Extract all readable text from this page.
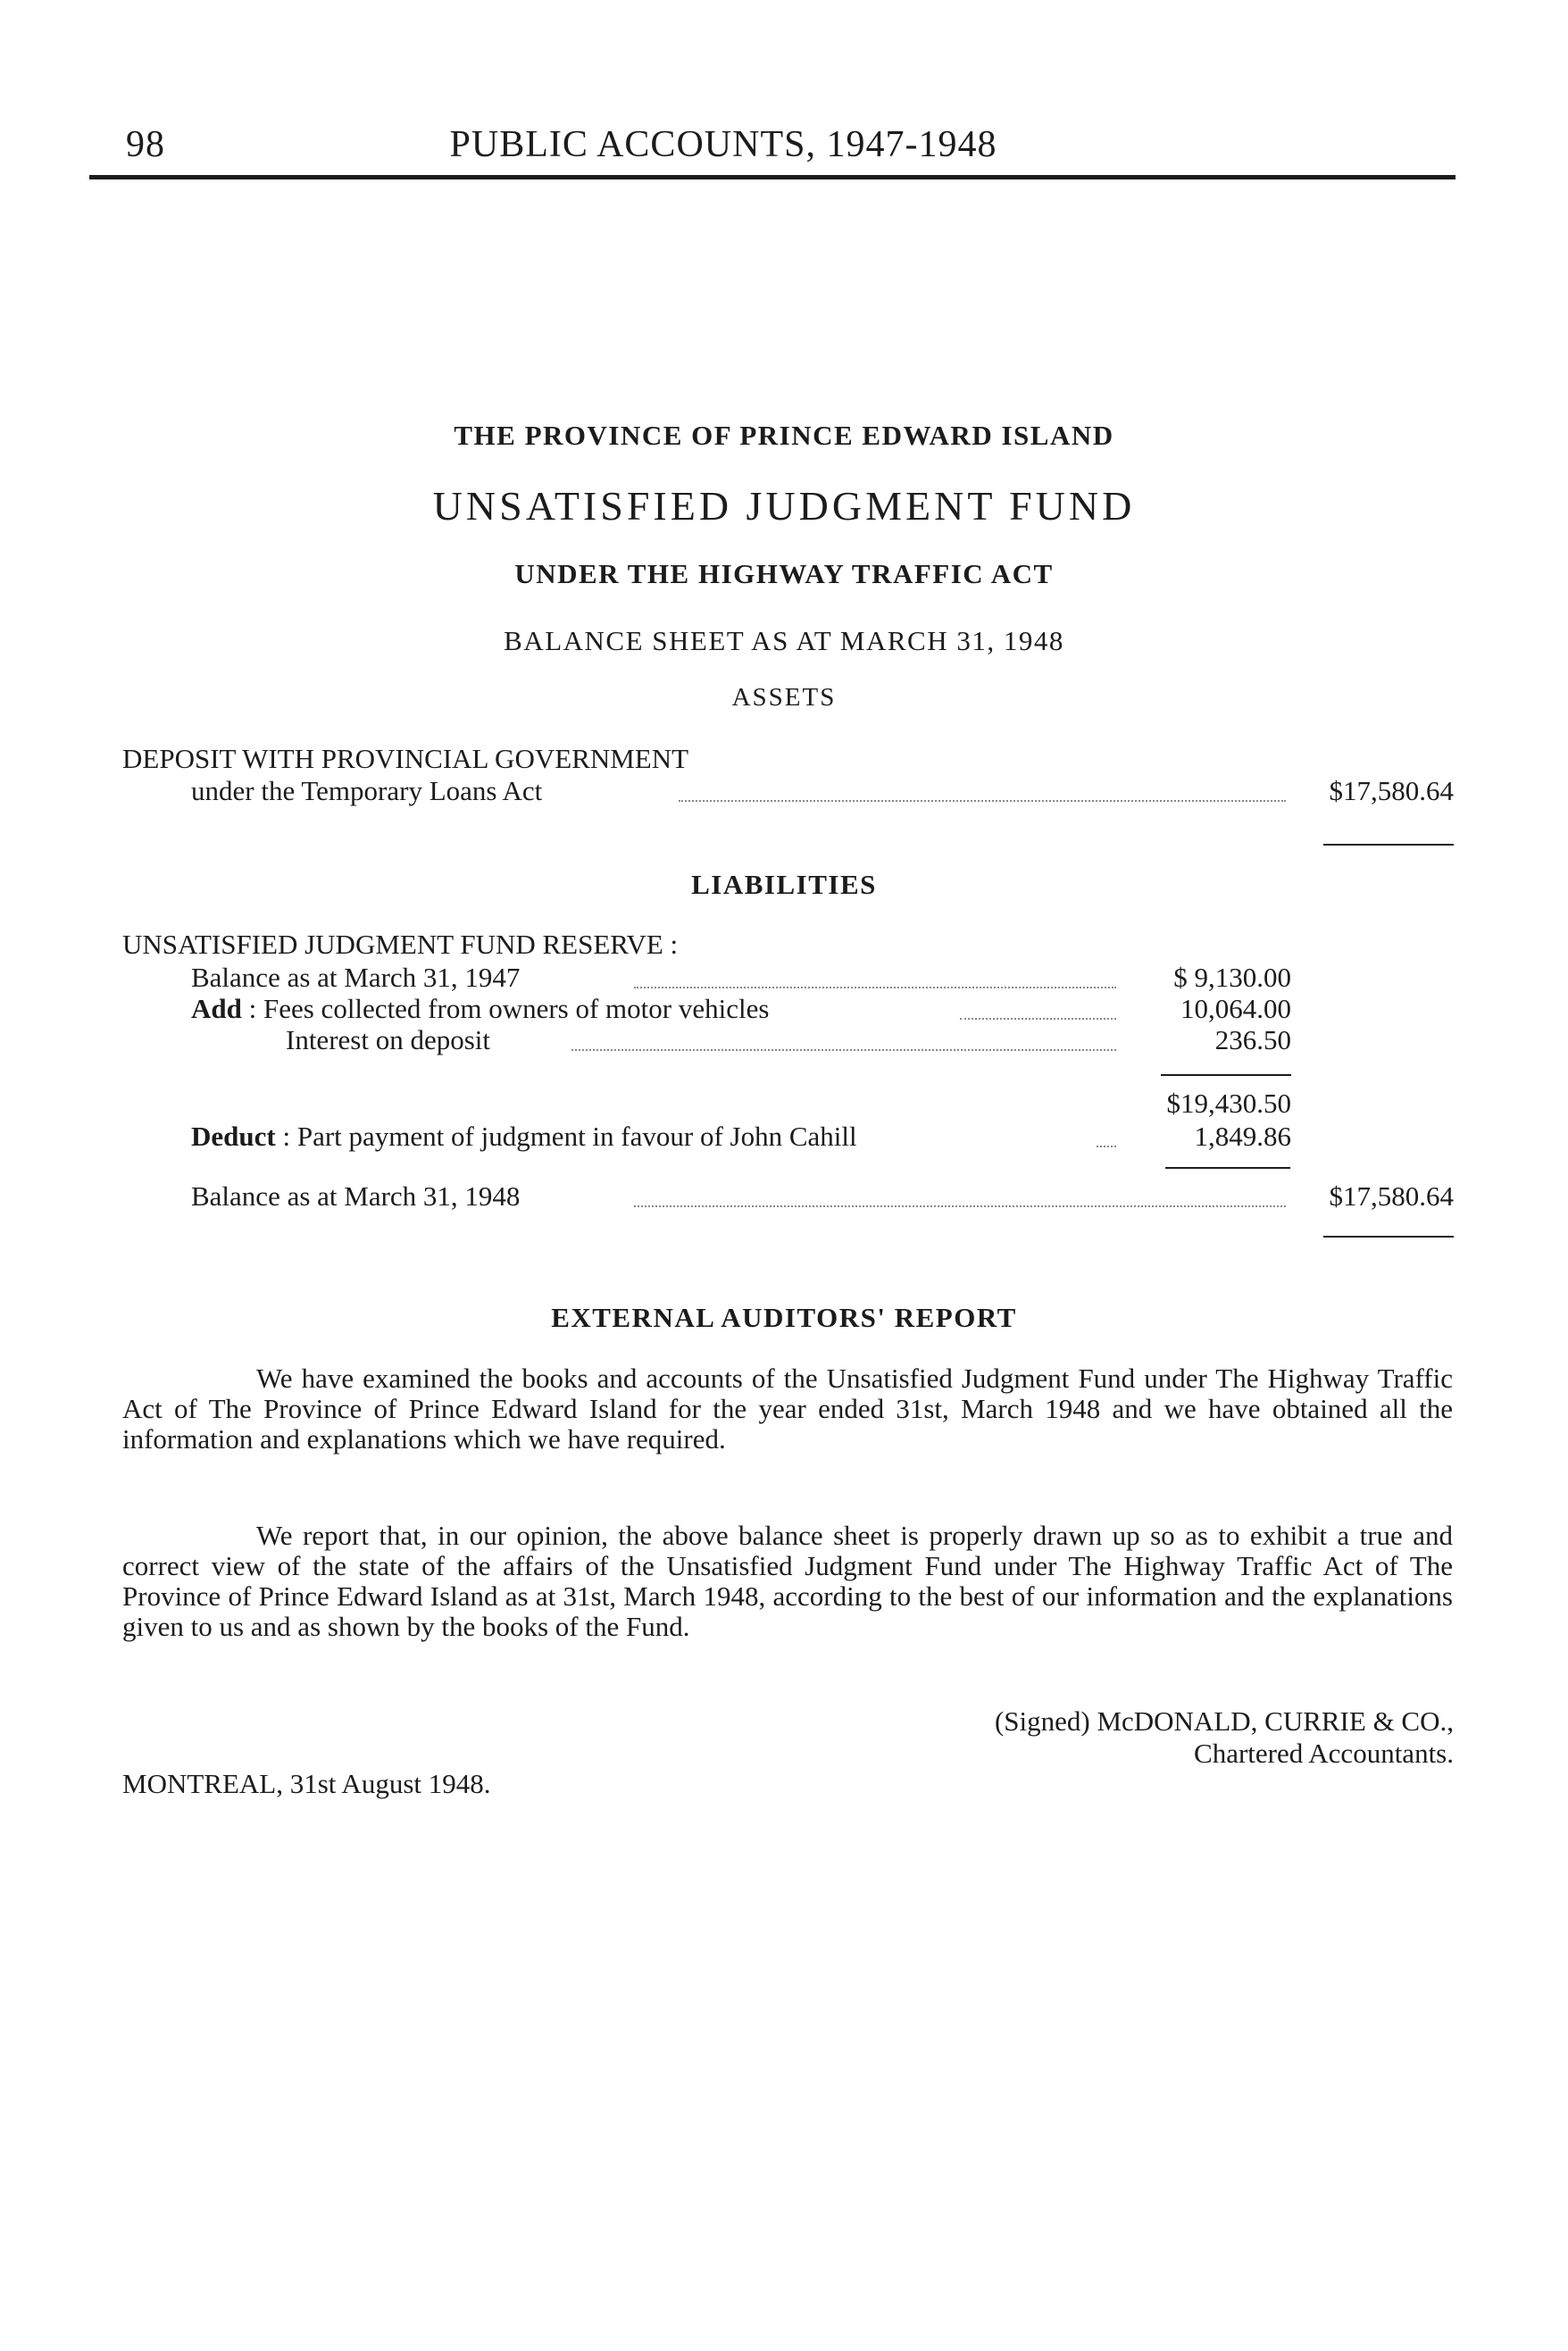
98	PUBLIC ACCOUNTS, 1947-1948
THE PROVINCE OF PRINCE EDWARD ISLAND
UNSATISFIED JUDGMENT FUND
UNDER THE HIGHWAY TRAFFIC ACT
BALANCE SHEET AS AT MARCH 31, 1948
ASSETS
DEPOSIT WITH PROVINCIAL GOVERNMENT
under the Temporary Loans Act	$17,580.64
LIABILITIES
UNSATISFIED JUDGMENT FUND RESERVE :
Balance as at March 31, 1947	$ 9,130.00
Add : Fees collected from owners of motor vehicles	10,064.00
Interest on deposit	236.50
$19,430.50
Deduct : Part payment of judgment in favour of John Cahill	1,849.86
Balance as at March 31, 1948	$17,580.64
EXTERNAL AUDITORS' REPORT

We have examined the books and accounts of the Unsatisfied Judgment Fund under The Highway Traffic Act of The Province of Prince Edward Island for the year ended 31st, March 1948 and we have obtained all the information and explanations which we have required.

We report that, in our opinion, the above balance sheet is properly drawn up so as to exhibit a true and correct view of the state of the affairs of the Unsatisfied Judgment Fund under The Highway Traffic Act of The Province of Prince Edward Island as at 31st, March 1948, according to the best of our information and the explanations given to us and as shown by the books of the Fund.

(Signed) McDONALD, CURRIE & CO.,
Chartered Accountants.
MONTREAL, 31st August 1948.
